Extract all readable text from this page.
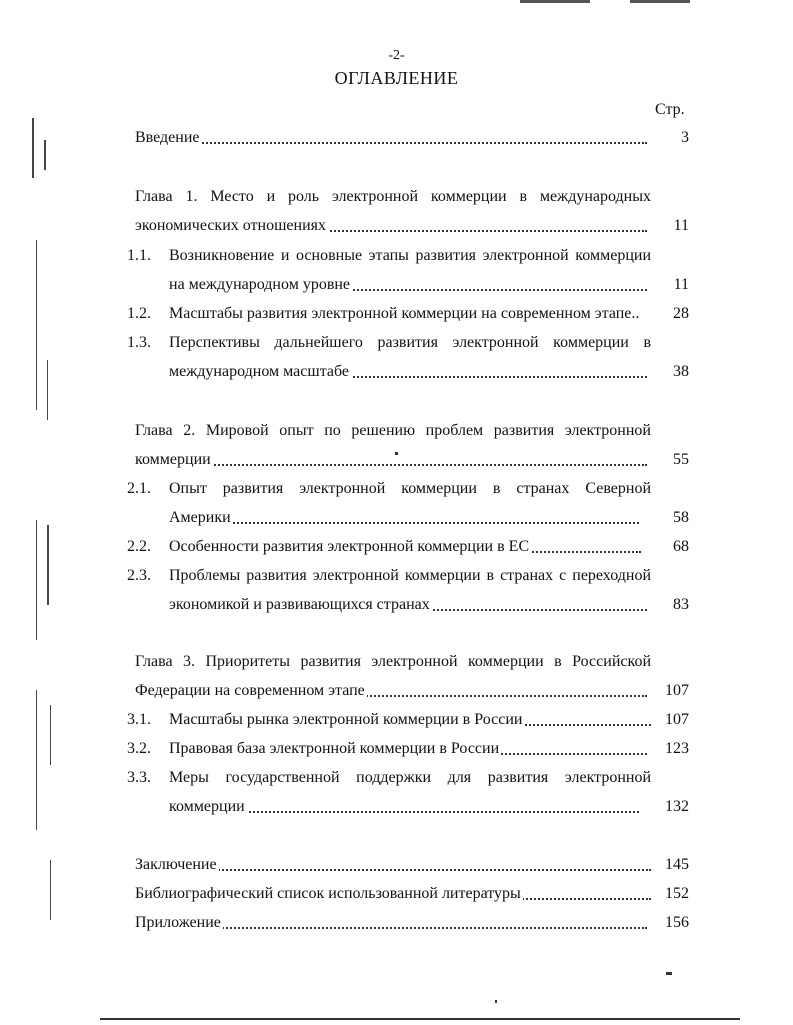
-2-
ОГЛАВЛЕНИЕ
Стр.
Введение	3
Глава 1. Место и роль электронной коммерции в международных
экономических отношениях	11
1.1. Возникновение и основные этапы развития электронной коммерции
на международном уровне	11
1.2. Масштабы развития электронной коммерции на современном этапе..	28
1.3. Перспективы дальнейшего развития электронной коммерции в
международном масштабе	38
Глава 2. Мировой опыт по решению проблем развития электронной
коммерции	55
2.1. Опыт развития электронной коммерции в странах Северной
Америки	58
2.2. Особенности развития электронной коммерции в ЕС	68
2.3. Проблемы развития электронной коммерции в странах с переходной
экономикой и развивающихся странах	83
Глава 3. Приоритеты развития электронной коммерции в Российской
Федерации на современном этапе	107
3.1. Масштабы рынка электронной коммерции в России	107
3.2. Правовая база электронной коммерции в России	123
3.3. Меры государственной поддержки для развития электронной
коммерции	132
Заключение	145
Библиографический список использованной литературы	152
Приложение	156
